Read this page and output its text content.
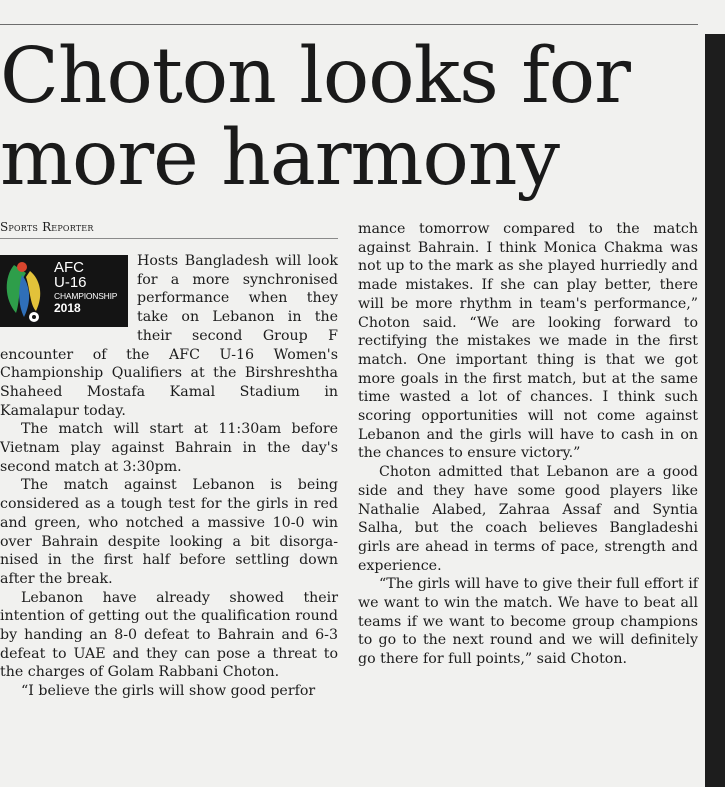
Choton looks for
more harmony
Sports Reporter
AFC
U-16
CHAMPIONSHIP
2018

Hosts Bangladesh will look for a more synchronised performance when they take on Lebanon in the their second Group F encounter of the AFC U-16 Women's Championship Qualifiers at the Birshreshtha Shaheed Mostafa Kamal Stadium in Kamalapur today.

The match will start at 11:30am before Vietnam play against Bahrain in the day's second match at 3:30pm.

The match against Lebanon is being considered as a tough test for the girls in red and green, who notched a massive 10-0 win over Bahrain despite looking a bit disorganised in the first half before settling down after the break.

Lebanon have already showed their intention of getting out the qualification round by handing an 8-0 defeat to Bahrain and 6-3 defeat to UAE and they can pose a threat to the charges of Golam Rabbani Choton.

“I believe the girls will show good perfor

mance tomorrow compared to the match against Bahrain. I think Monica Chakma was not up to the mark as she played hurriedly and made mistakes. If she can play better, there will be more rhythm in team's performance,” Choton said. “We are looking forward to rectifying the mistakes we made in the first match. One important thing is that we got more goals in the first match, but at the same time wasted a lot of chances. I think such scoring opportunities will not come against Lebanon and the girls will have to cash in on the chances to ensure victory.”

Choton admitted that Lebanon are a good side and they have some good players like Nathalie Alabed, Zahraa Assaf and Syntia Salha, but the coach believes Bangladeshi girls are ahead in terms of pace, strength and experience.

“The girls will have to give their full effort if we want to win the match. We have to beat all teams if we want to become group champions to go to the next round and we will definitely go there for full points,” said Choton.
